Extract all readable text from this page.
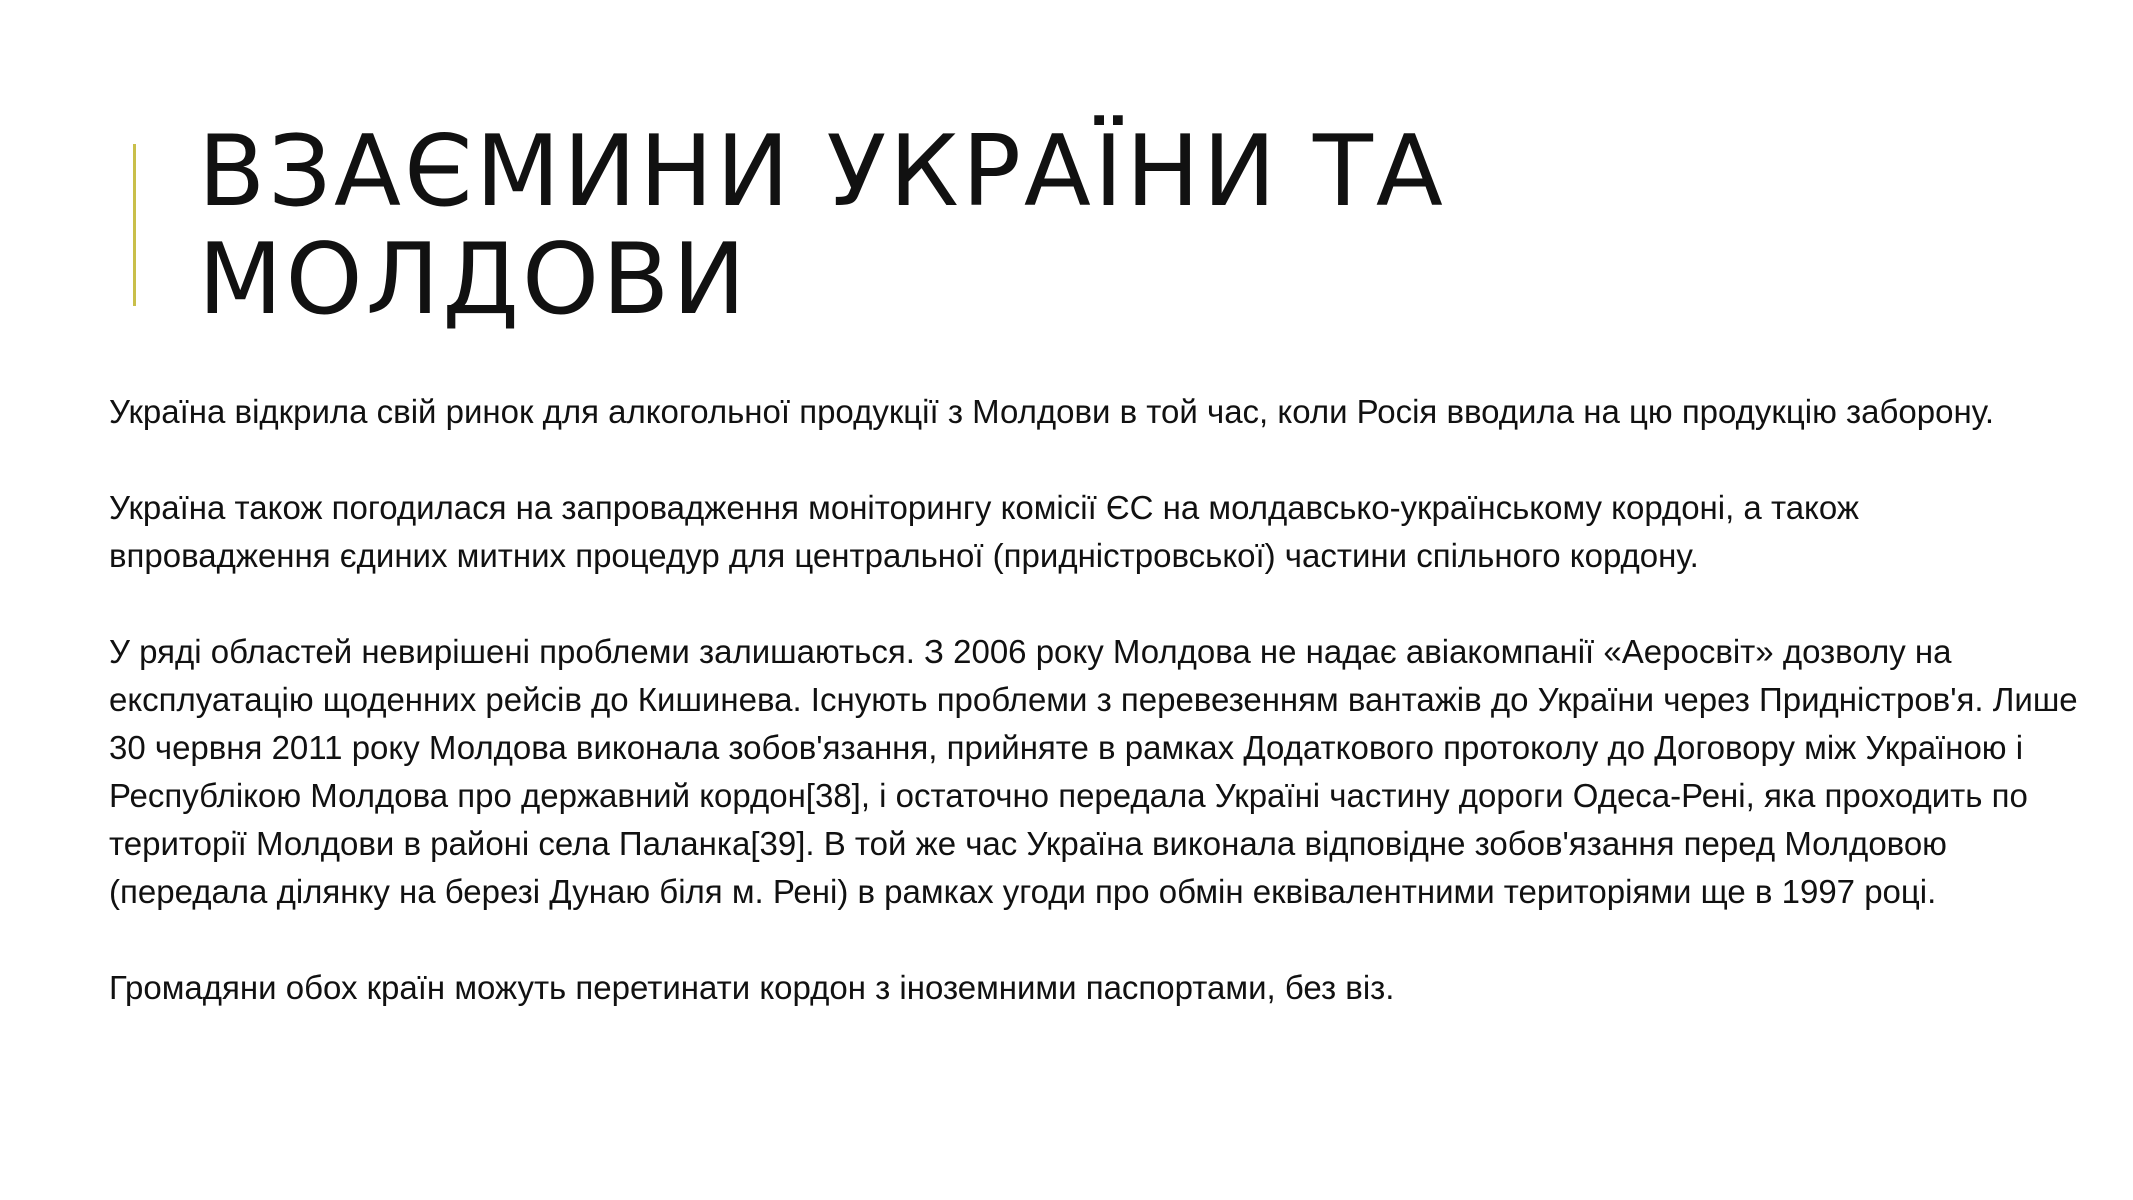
ВЗАЄМИНИ УКРАЇНИ ТА МОЛДОВИ

Україна відкрила свій ринок для алкогольної продукції з Молдови в той час, коли Росія вводила на цю продукцію заборону.

Україна також погодилася на запровадження моніторингу комісії ЄС на молдавсько-українському кордоні, а також впровадження єдиних митних процедур для центральної (придністровської) частини спільного кордону.

У ряді областей невирішені проблеми залишаються. З 2006 року Молдова не надає авіакомпанії «Аеросвіт» дозволу на експлуатацію щоденних рейсів до Кишинева. Існують проблеми з перевезенням вантажів до України через Придністров'я. Лише 30 червня 2011 року Молдова виконала зобов'язання, прийняте в рамках Додаткового протоколу до Договору між Україною і Республікою Молдова про державний кордон[38], і остаточно передала Україні частину дороги Одеса-Рені, яка проходить по території Молдови в районі села Паланка[39]. В той же час Україна виконала відповідне зобов'язання перед Молдовою (передала ділянку на березі Дунаю біля м. Рені) в рамках угоди про обмін еквівалентними територіями ще в 1997 році.

Громадяни обох країн можуть перетинати кордон з іноземними паспортами, без віз.
